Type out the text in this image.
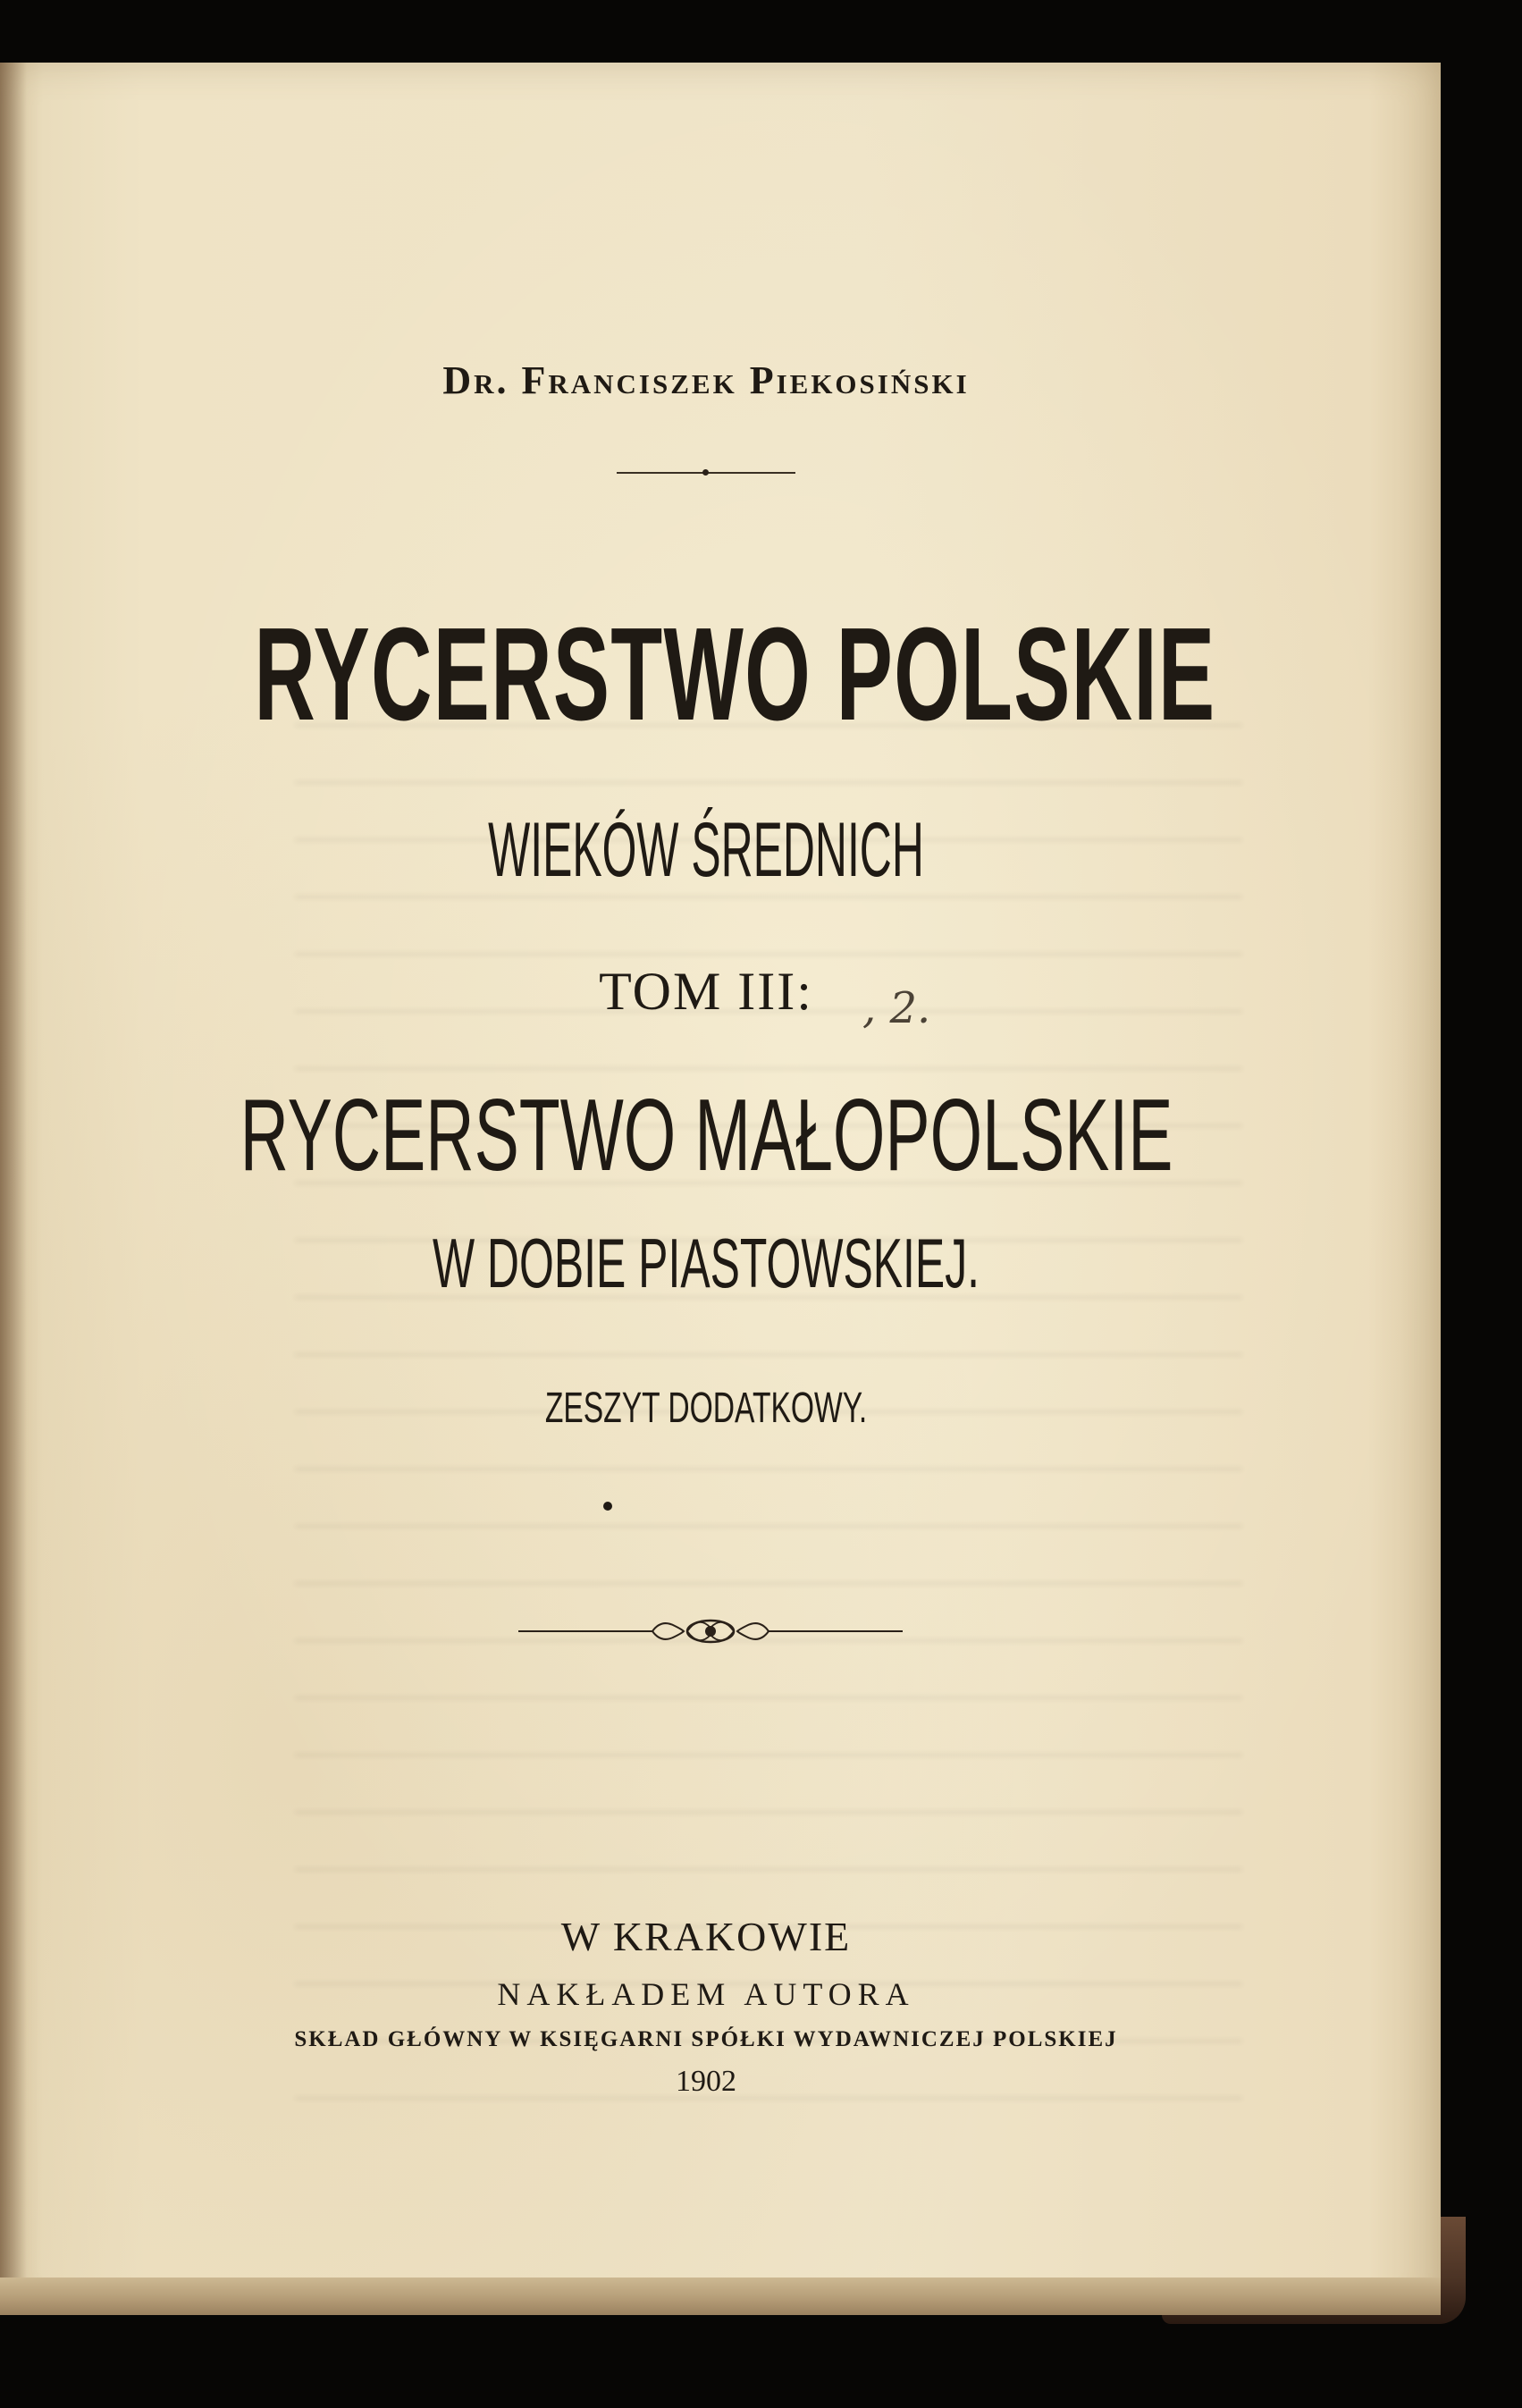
Dr. Franciszek Piekosiński
RYCERSTWO POLSKIE
WIEKÓW ŚREDNICH
TOM III:	, 2.
RYCERSTWO MAŁOPOLSKIE
W DOBIE PIASTOWSKIEJ.
ZESZYT DODATKOWY.
W KRAKOWIE
NAKŁADEM AUTORA
SKŁAD GŁÓWNY W KSIĘGARNI SPÓŁKI WYDAWNICZEJ POLSKIEJ
1902
